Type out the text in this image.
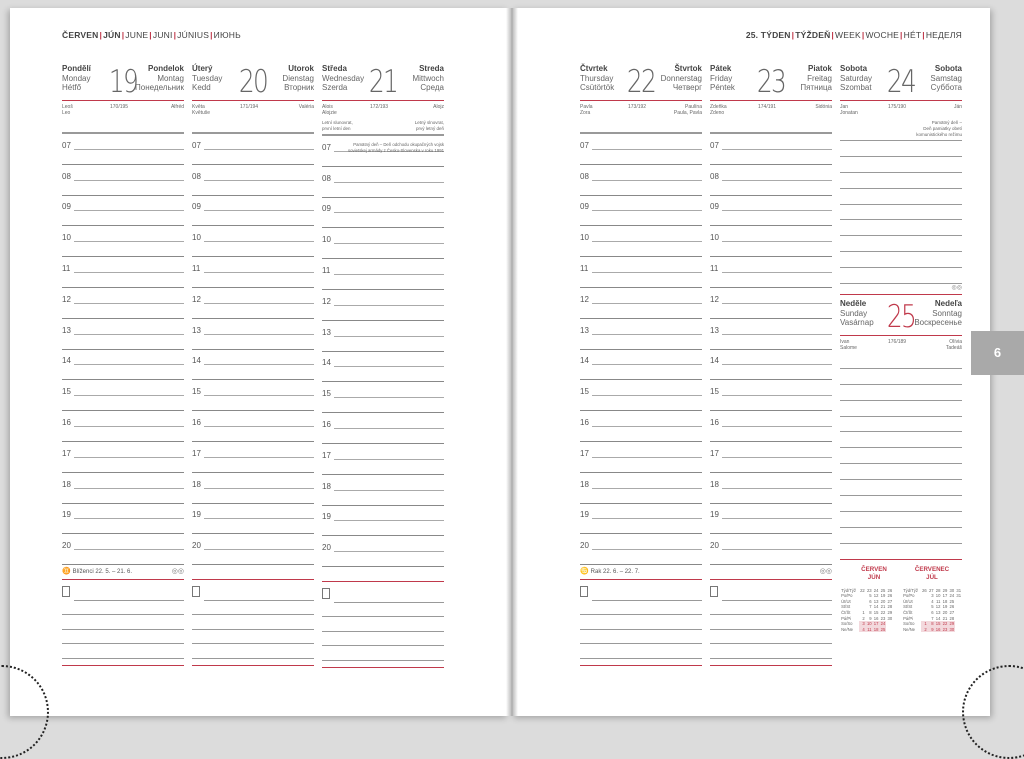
ČERVEN|JÚN|JUNE|JUNI|JÚNIUS|ИЮНЬ	25. TÝDEN|TÝŽDEŇ|WEEK|WOCHE|HÉT|НЕДЕЛЯ
Pondělí
Monday
Hétfő 19	Pondelok
Montag
Понедельник
Leoš
Leo
170/195	Alfréd
07
08
09
10
11
12
13
14
15
16
17
18
19
20
♊ Blíženci 22. 5. – 21. 6.	◎◎
Úterý
Tuesday
Kedd 20	Utorok
Dienstag
Вторник
Květa
Květuše
171/194	Valéria
07
08
09
10
11
12
13
14
15
16
17
18
19
20
Středa
Wednesday
Szerda 21	Streda
Mittwoch
Среда
Alois
Alojzie
172/193	Alojz
Letní slunovrat,
první letní den
Letný slnovrat,
prvý letný deň
07	Pamätný deň – Deň odchodu okupačných vojsk sovietskej armády z Česko-Slovenska v roku 1991
08
09
10
11
12
13
14
15
16
17
18
19
20
Čtvrtek
Thursday
Csütörtök 22	Štvrtok
Donnerstag
Четверг
Pavla
Zora
173/192	Paulína
Paula, Pavla
07
08
09
10
11
12
13
14
15
16
17
18
19
20
♋ Rak 22. 6. – 22. 7.
Pátek
Friday
Péntek 23	Piatok
Freitag
Пятница
Zdeňka
Zdeno
174/191	Sidónia
07
08
09
10
11
12
13
14
15
16
17
18
19
20
◎◎
Sobota
Saturday
Szombat 24	Sobota
Samstag
Суббота
Jan
Jonatan
175/190	Ján
Pamätný deň –
Deň pamiatky obetí
komunistického režimu
◎◎
Neděle
Sunday
Vasárnap 25	Nedeľa
Sonntag
Воскресенье
Ivan
Salome
176/189	Olívia
Tadeáš
ČERVEN
JÚN
ČERVENEC
JÚL
Týd/Týž	22	23	24	25	26
Po/Po		5	12	19	26
Út/Ut		6	13	20	27
St/St		7	14	21	28
Čt/Št	1	8	15	22	29
Pá/Pi	2	9	16	23	30
So/So	3	10	17	24	
Ne/Ne	4	11	18	25	
Týd/Týž	26	27	28	29	30	31
Po/Po		3	10	17	24	31
Út/Ut		4	11	18	25	
St/St		5	12	19	26	
Čt/Št		6	13	20	27	
Pá/Pi		7	14	21	28	
So/So	1	8	15	22	29	
Ne/Ne	2	9	16	23	30	
6
